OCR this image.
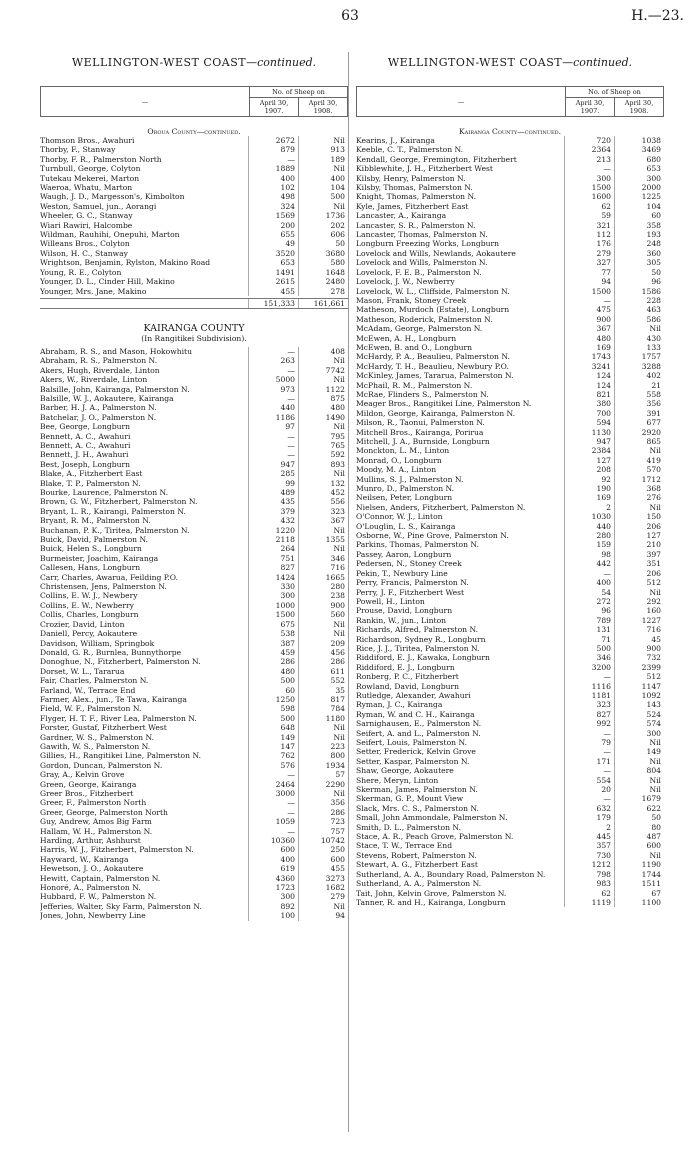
63	H.—23.
WELLINGTON-WEST COAST—continued.	WELLINGTON-WEST COAST—continued.
—	No. of Sheep on	
	April 30, 1907.	April 30, 1908.
Oroua County—continued.
Thomson Bros., Awahuri	2672	Nil
Thorby, F., Stanway	879	913
Thorby, F. R., Palmerston North	—	189
Turnbull, George, Colyton	1889	Nil
Tutekau Mekerei, Marton	400	400
Waeroa, Whatu, Marton	102	104
Waugh, J. D., Margesson's, Kimbolton	498	500
Weston, Samuel, jun., Aorangi	324	Nil
Wheeler, G. C., Stanway	1569	1736
Wiari Rawiri, Halcombe	200	202
Wildman, Rauhihi, Onepuhi, Marton	655	606
Willeans Bros., Colyton	49	50
Wilson, H. C., Stanway	3520	3680
Wrightson, Benjamin, Rylston, Makino Road	653	580
Young, R. E., Colyton	1491	1648
Younger, D. L., Cinder Hill, Makino	2615	2480
Younger, Mrs. Jane, Makino	455	278
151,333	161,661
KAIRANGA COUNTY
(In Rangitikei Subdivision).
Abraham, R. S., and Mason, Hokowhitu	—	408
Abraham, R. S., Palmerston N.	263	Nil
Akers, Hugh, Riverdale, Linton	—	7742
Akers, W., Riverdale, Linton	5000	Nil
Balsille, John, Kairanga, Palmerston N.	973	1122
Balsille, W. J., Aokautere, Kairanga	—	875
Barber, H. J. A., Palmerston N.	440	480
Batchelar, J. O., Palmerston N.	1186	1490
Bee, George, Longburn	97	Nil
Bennett, A. C., Awahuri	—	795
Bennett, A. C., Awahuri	—	765
Bennett, J. H., Awahuri	—	592
Best, Joseph, Longburn	947	893
Blake, A., Fitzherbert East	285	Nil
Blake, T. P., Palmerston N.	99	132
Bourke, Laurence, Palmerston N.	489	452
Brown, G. W., Fitzherbert, Palmerston N.	435	556
Bryant, L. R., Kairangi, Palmerston N.	379	323
Bryant, R. M., Palmerston N.	432	367
Buchanan, P. K., Tiritea, Palmerston N.	1220	Nil
Buick, David, Palmerston N.	2118	1355
Buick, Helen S., Longburn	264	Nil
Burmeister, Joachim, Kairanga	751	346
Callesen, Hans, Longburn	827	716
Carr, Charles, Awarua, Feilding P.O.	1424	1665
Christensen, Jens, Palmerston N.	330	280
Collins, E. W. J., Newbery	300	238
Collins, E. W., Newberry	1000	900
Collis, Charles, Longburn	1500	560
Crozier, David, Linton	675	Nil
Daniell, Percy, Aokautere	538	Nil
Davidson, William, Springbok	387	209
Donald, G. R., Burnlea, Bunnythorpe	459	456
Donoghue, N., Fitzherbert, Palmerston N.	286	286
Dorset, W. L., Tararua	480	611
Fair, Charles, Palmerston N.	500	552
Farland, W., Terrace End	60	35
Farmer, Alex., jun., Te Tawa, Kairanga	1250	817
Field, W. F., Palmerston N.	598	784
Flyger, H. T. F., River Lea, Palmerston N.	500	1180
Forster, Gustaf, Fitzherbert West	648	Nil
Gardner, W. S., Palmerston N.	149	Nil
Gawith, W. S., Palmerston N.	147	223
Gillies, H., Rangitikei Line, Palmerston N.	762	800
Gordon, Duncan, Palmerston N.	576	1934
Gray, A., Kelvin Grove	—	57
Green, George, Kairanga	2464	2290
Greer Bros., Fitzherbert	3000	Nil
Greer, F., Palmerston North	—	356
Greer, George, Palmerston North	—	286
Guy, Andrew, Amos Big Farm	1059	723
Hallam, W. H., Palmerston N.	—	757
Harding, Arthur, Ashhurst	10360	10742
Harris, W. J., Fitzherbert, Palmerston N.	600	250
Hayward, W., Kairanga	400	600
Hewetson, J. O., Aokautere	619	455
Hewitt, Captain, Palmerston N.	4360	3273
Honoré, A., Palmerston N.	1723	1682
Hubbard, F. W., Palmerston N.	300	279
Jefferies, Walter, Sky Farm, Palmerston N.	892	Nil
Jones, John, Newberry Line	100	94
—	No. of Sheep on	
	April 30, 1907.	April 30, 1908.
Kairanga County—continued.
Kearins, J., Kairanga	720	1038
Keeble, C. T., Palmerston N.	2364	3469
Kendall, George, Fremington, Fitzherbert	213	680
Kibblewhite, J. H., Fitzherbert West	—	653
Kilsby, Henry, Palmerston N.	300	300
Kilsby, Thomas, Palmerston N.	1500	2000
Knight, Thomas, Palmerston N.	1600	1225
Kyle, James, Fitzherbert East	62	104
Lancaster, A., Kairanga	59	60
Lancaster, S. R., Palmerston N.	321	358
Lancaster, Thomas, Palmerston N.	112	193
Longburn Freezing Works, Longburn	176	248
Lovelock and Wills, Newlands, Aokautere	279	360
Lovelock and Wills, Palmerston N.	327	305
Lovelock, F. E. B., Palmerston N.	77	50
Lovelock, J. W., Newberry	94	96
Lovelock, W. L., Cliffside, Palmerston N.	1500	1586
Mason, Frank, Stoney Creek	—	228
Matheson, Murdoch (Estate), Longburn	475	463
Matheson, Roderick, Palmerston N.	900	586
McAdam, George, Palmerston N.	367	Nil
McEwen, A. H., Longburn	480	430
McEwen, B. and O., Longburn	169	133
McHardy, P. A., Beaulieu, Palmerston N.	1743	1757
McHardy, T. H., Beaulieu, Newbury P.O.	3241	3288
McKinley, James, Tararua, Palmerston N.	124	402
McPhail, R. M., Palmerston N.	124	21
McRae, Flinders S., Palmerston N.	821	558
Meager Bros., Rangitikei Line, Palmerston N.	380	356
Mildon, George, Kairanga, Palmerston N.	700	391
Milson, R., Taonui, Palmerston N.	594	677
Mitchell Bros., Kairanga, Porirua	1130	2920
Mitchell, J. A., Burnside, Longburn	947	865
Monckton, L. M., Linton	2384	Nil
Monrad, O., Longburn	127	419
Moody, M. A., Linton	208	570
Mullins, S. J., Palmerston N.	92	1712
Munro, D., Palmerston N.	190	368
Neilsen, Peter, Longburn	169	276
Nielsen, Anders, Fitzherbert, Palmerston N.	2	Nil
O'Connor, W. J., Linton	1030	150
O'Louglin, L. S., Kairanga	440	206
Osborne, W., Pine Grove, Palmerston N.	280	127
Parkins, Thomas, Palmerston N.	159	210
Passey, Aaron, Longburn	98	397
Pedersen, N., Stoney Creek	442	351
Pekin, T., Newbury Line	—	206
Perry, Francis, Palmerston N.	400	512
Perry, J. F., Fitzherbert West	54	Nil
Powell, H., Linton	272	292
Prouse, David, Longburn	96	160
Rankin, W., jun., Linton	789	1227
Richards, Alfred, Palmerston N.	131	716
Richardson, Sydney R., Longburn	71	45
Rice, J. J., Tiritea, Palmerston N.	500	900
Riddiford, E. J., Kawaka, Longburn	346	732
Riddiford, E. J., Longburn	3200	2399
Ronberg, P. C., Fitzherbert	—	512
Rowland, David, Longburn	1116	1147
Rutledge, Alexander, Awahuri	1181	1092
Ryman, J. C., Kairanga	323	143
Ryman, W. and C. H., Kairanga	827	524
Sarnighausen, E., Palmerston N.	992	574
Seifert, A. and L., Palmerston N.	—	300
Seifert, Louis, Palmerston N.	79	Nil
Setter, Frederick, Kelvin Grove	—	149
Setter, Kaspar, Palmerston N.	171	Nil
Shaw, George, Aokautere	—	804
Shere, Meryn, Linton	554	Nil
Skerman, James, Palmerston N.	20	Nil
Skerman, G. P., Mount View	—	1679
Slack, Mrs. C. S., Palmerston N.	632	622
Small, John Ammondale, Palmerston N.	179	50
Smith, D. L., Palmerston N.	2	80
Stace, A. R., Peach Grove, Palmerston N.	445	487
Stace, T. W., Terrace End	357	600
Stevens, Robert, Palmerston N.	730	Nil
Stewart, A. G., Fitzherbert East	1212	1190
Sutherland, A. A., Boundary Road, Palmerston N.	798	1744
Sutherland, A. A., Palmerston N.	983	1511
Tait, John, Kelvin Grove, Palmerston N.	62	67
Tanner, R. and H., Kairanga, Longburn	1119	1100
